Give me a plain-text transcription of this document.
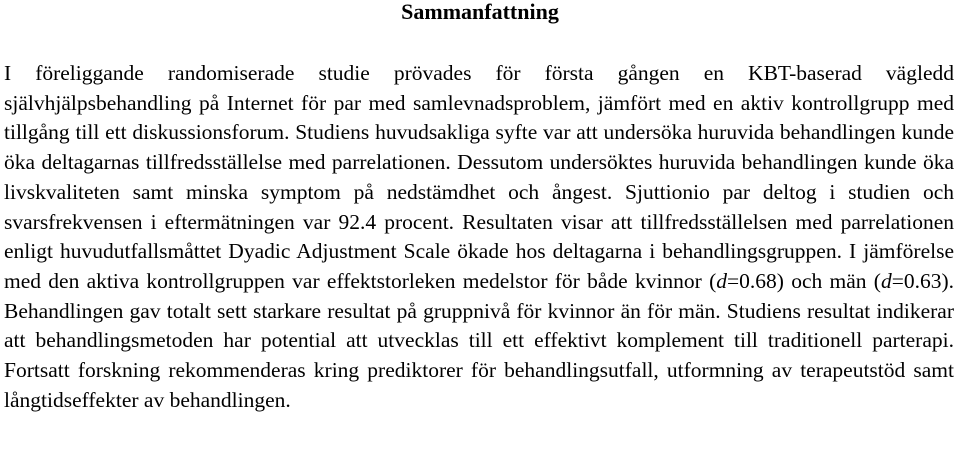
Sammanfattning

I föreliggande randomiserade studie prövades för första gången en KBT-baserad vägledd självhjälpsbehandling på Internet för par med samlevnadsproblem, jämfört med en aktiv kontrollgrupp med tillgång till ett diskussionsforum. Studiens huvudsakliga syfte var att undersöka huruvida behandlingen kunde öka deltagarnas tillfredsställelse med parrelationen. Dessutom undersöktes huruvida behandlingen kunde öka livskvaliteten samt minska symptom på nedstämdhet och ångest. Sjuttionio par deltog i studien och svarsfrekvensen i eftermätningen var 92.4 procent. Resultaten visar att tillfredsställelsen med parrelationen enligt huvudutfallsmåttet Dyadic Adjustment Scale ökade hos deltagarna i behandlingsgruppen. I jämförelse med den aktiva kontrollgruppen var effektstorleken medelstor för både kvinnor (d=0.68) och män (d=0.63). Behandlingen gav totalt sett starkare resultat på gruppnivå för kvinnor än för män. Studiens resultat indikerar att behandlingsmetoden har potential att utvecklas till ett effektivt komplement till traditionell parterapi. Fortsatt forskning rekommenderas kring prediktorer för behandlingsutfall, utformning av terapeutstöd samt långtidseffekter av behandlingen.
